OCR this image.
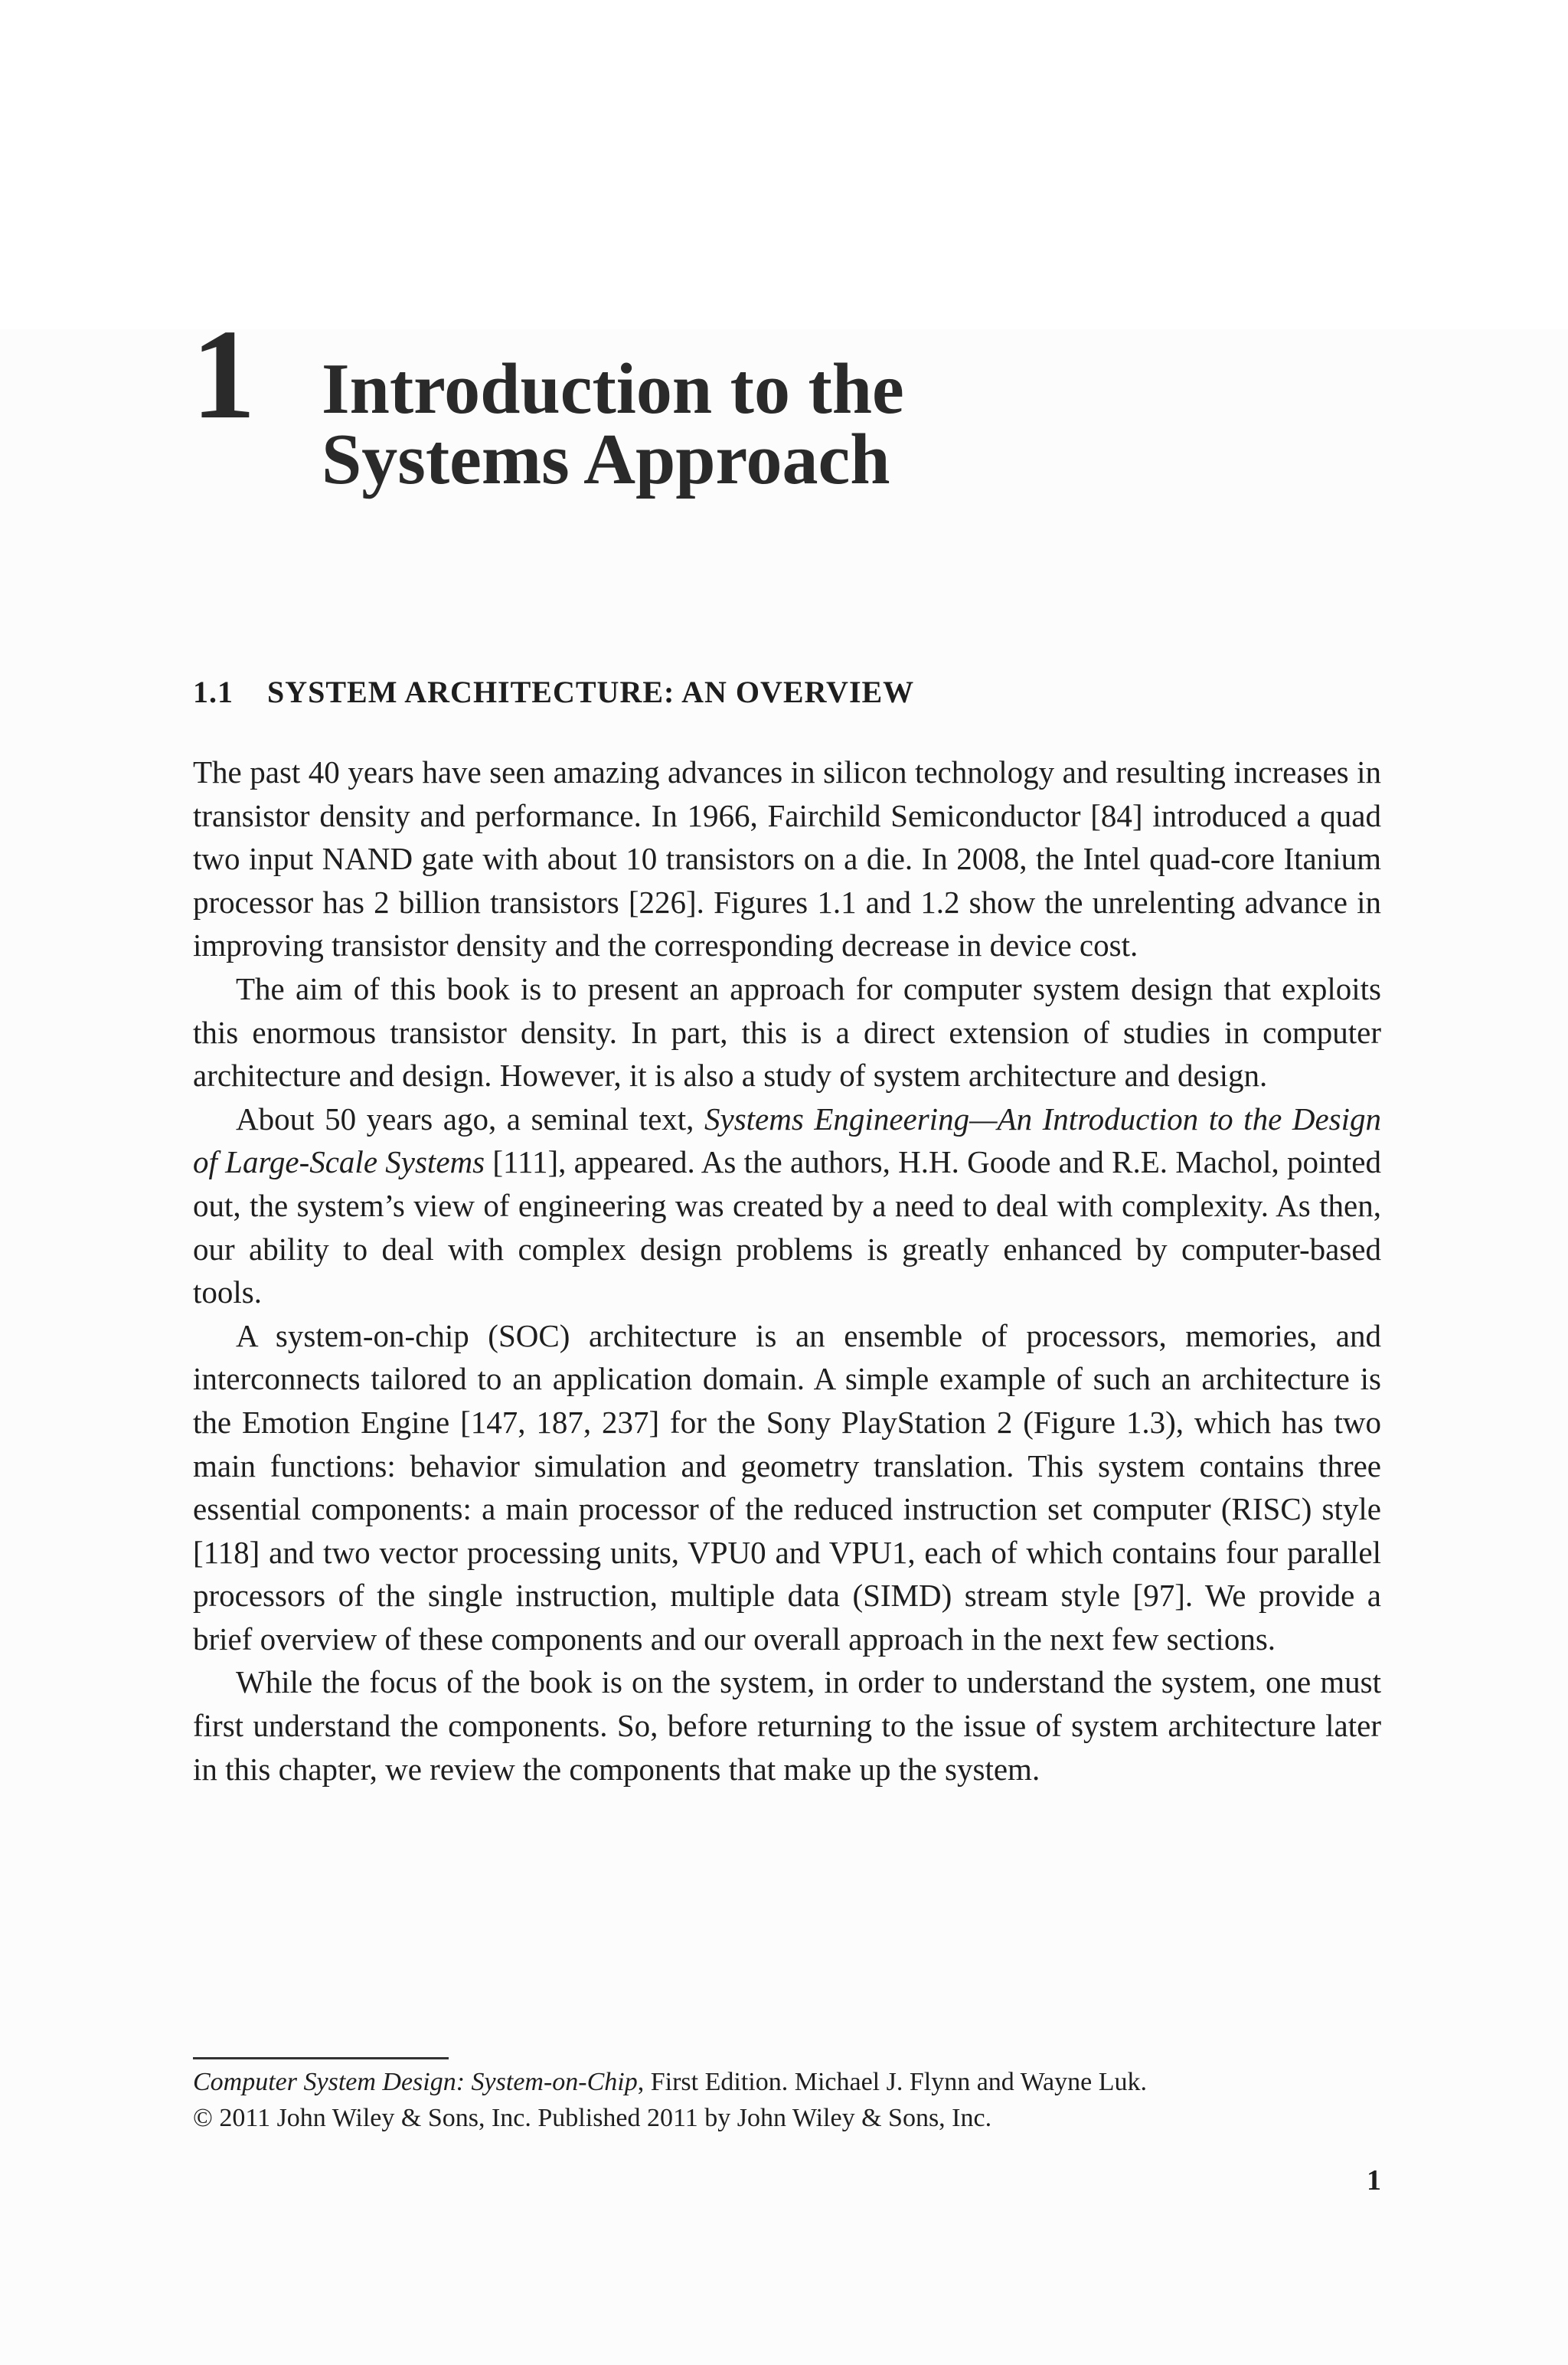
1 Introduction to the
Systems Approach
1.1 SYSTEM ARCHITECTURE: AN OVERVIEW

The past 40 years have seen amazing advances in silicon technology and resulting increases in transistor density and performance. In 1966, Fairchild Semiconductor [84] introduced a quad two input NAND gate with about 10 transistors on a die. In 2008, the Intel quad-core Itanium processor has 2 billion transistors [226]. Figures 1.1 and 1.2 show the unrelenting advance in improving transistor density and the corresponding decrease in device cost.

The aim of this book is to present an approach for computer system design that exploits this enormous transistor density. In part, this is a direct extension of studies in computer architecture and design. However, it is also a study of system architecture and design.

About 50 years ago, a seminal text, Systems Engineering—An Introduction to the Design of Large-Scale Systems [111], appeared. As the authors, H.H. Goode and R.E. Machol, pointed out, the system’s view of engineering was created by a need to deal with complexity. As then, our ability to deal with complex design problems is greatly enhanced by computer-based tools.

A system-on-chip (SOC) architecture is an ensemble of processors, memories, and interconnects tailored to an application domain. A simple example of such an architecture is the Emotion Engine [147, 187, 237] for the Sony PlayStation 2 (Figure 1.3), which has two main functions: behavior simulation and geometry translation. This system contains three essential components: a main processor of the reduced instruction set computer (RISC) style [118] and two vector processing units, VPU0 and VPU1, each of which contains four parallel processors of the single instruction, multiple data (SIMD) stream style [97]. We provide a brief overview of these components and our overall approach in the next few sections.

While the focus of the book is on the system, in order to understand the system, one must first understand the components. So, before returning to the issue of system architecture later in this chapter, we review the components that make up the system.

Computer System Design: System-on-Chip, First Edition. Michael J. Flynn and Wayne Luk.
© 2011 John Wiley & Sons, Inc. Published 2011 by John Wiley & Sons, Inc.
1
